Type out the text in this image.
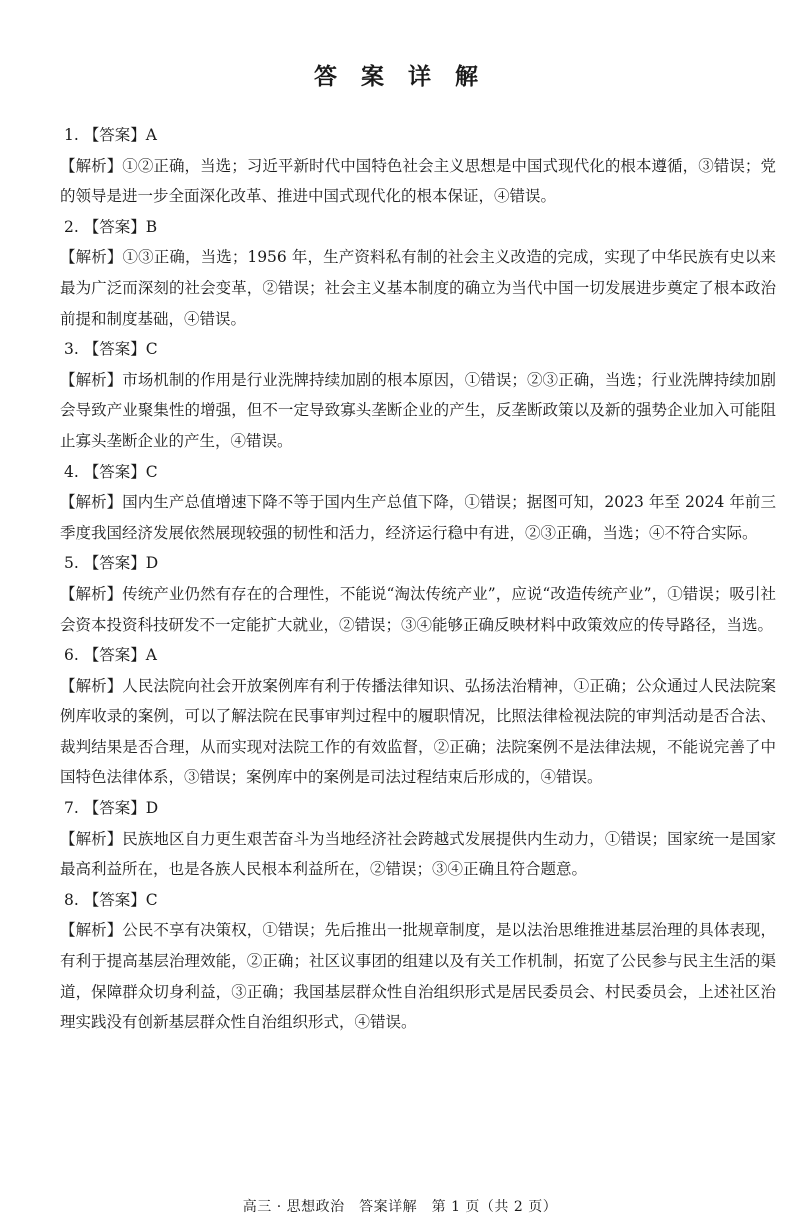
答 案 详 解
1. 【答案】A
【解析】①②正确，当选；习近平新时代中国特色社会主义思想是中国式现代化的根本遵循，③错误；党的领导是进一步全面深化改革、推进中国式现代化的根本保证，④错误。
2. 【答案】B
【解析】①③正确，当选；1956 年，生产资料私有制的社会主义改造的完成，实现了中华民族有史以来最为广泛而深刻的社会变革，②错误；社会主义基本制度的确立为当代中国一切发展进步奠定了根本政治前提和制度基础，④错误。
3. 【答案】C
【解析】市场机制的作用是行业洗牌持续加剧的根本原因，①错误；②③正确，当选；行业洗牌持续加剧会导致产业聚集性的增强，但不一定导致寡头垄断企业的产生，反垄断政策以及新的强势企业加入可能阻止寡头垄断企业的产生，④错误。
4. 【答案】C
【解析】国内生产总值增速下降不等于国内生产总值下降，①错误；据图可知，2023 年至 2024 年前三季度我国经济发展依然展现较强的韧性和活力，经济运行稳中有进，②③正确，当选；④不符合实际。
5. 【答案】D
【解析】传统产业仍然有存在的合理性，不能说“淘汰传统产业”，应说“改造传统产业”，①错误；吸引社会资本投资科技研发不一定能扩大就业，②错误；③④能够正确反映材料中政策效应的传导路径，当选。
6. 【答案】A
【解析】人民法院向社会开放案例库有利于传播法律知识、弘扬法治精神，①正确；公众通过人民法院案例库收录的案例，可以了解法院在民事审判过程中的履职情况，比照法律检视法院的审判活动是否合法、裁判结果是否合理，从而实现对法院工作的有效监督，②正确；法院案例不是法律法规，不能说完善了中国特色法律体系，③错误；案例库中的案例是司法过程结束后形成的，④错误。
7. 【答案】D
【解析】民族地区自力更生艰苦奋斗为当地经济社会跨越式发展提供内生动力，①错误；国家统一是国家最高利益所在，也是各族人民根本利益所在，②错误；③④正确且符合题意。
8. 【答案】C
【解析】公民不享有决策权，①错误；先后推出一批规章制度，是以法治思维推进基层治理的具体表现，有利于提高基层治理效能，②正确；社区议事团的组建以及有关工作机制，拓宽了公民参与民主生活的渠道，保障群众切身利益，③正确；我国基层群众性自治组织形式是居民委员会、村民委员会，上述社区治理实践没有创新基层群众性自治组织形式，④错误。
高三 · 思想政治　答案详解　第 1 页（共 2 页）
